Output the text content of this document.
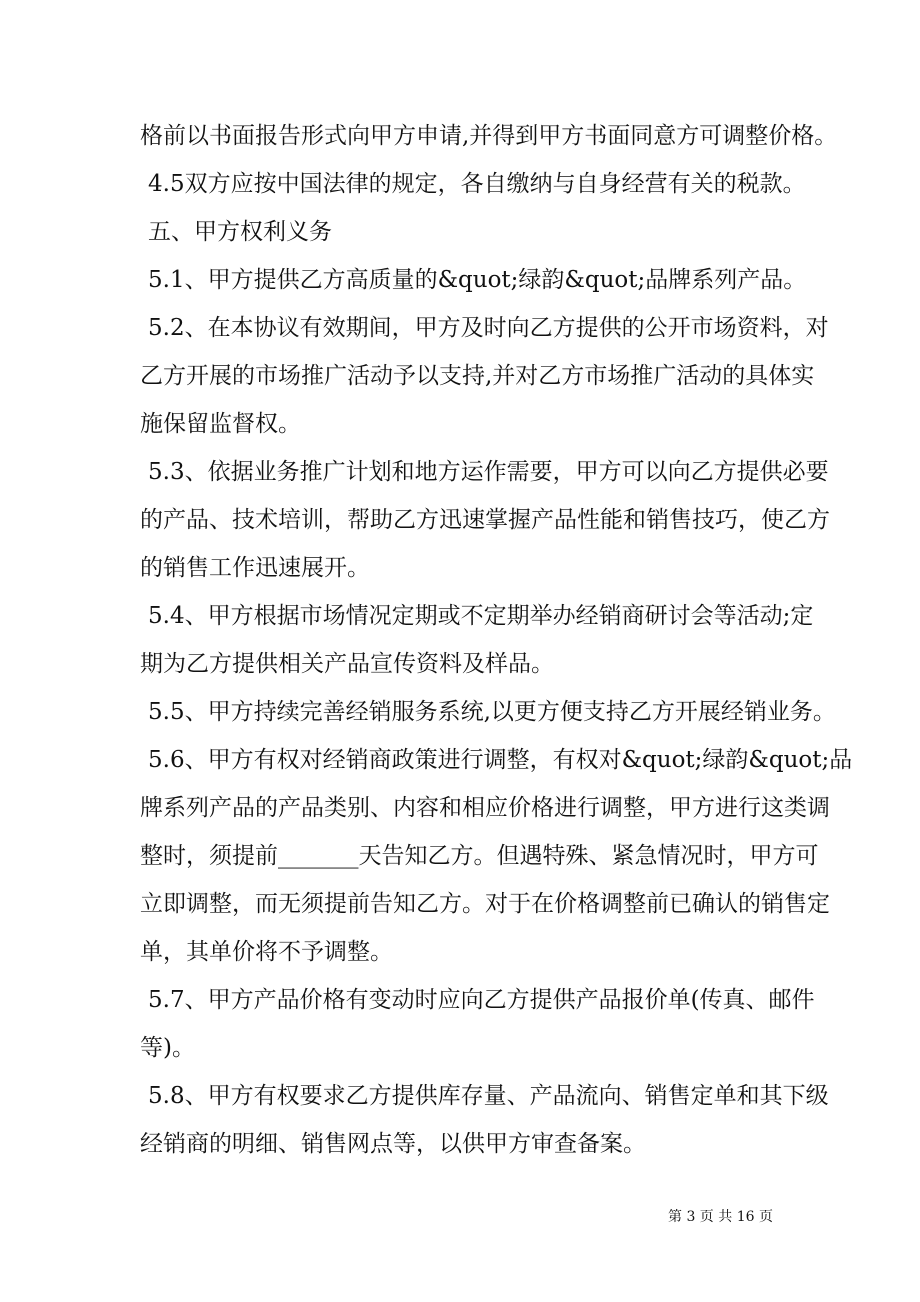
格前以书面报告形式向甲方申请,并得到甲方书面同意方可调整价格。
4.5双方应按中国法律的规定，各自缴纳与自身经营有关的税款。
五、甲方权利义务
5.1、甲方提供乙方高质量的&quot;绿韵&quot;品牌系列产品。
5.2、在本协议有效期间，甲方及时向乙方提供的公开市场资料，对
乙方开展的市场推广活动予以支持,并对乙方市场推广活动的具体实
施保留监督权。
5.3、依据业务推广计划和地方运作需要，甲方可以向乙方提供必要
的产品、技术培训，帮助乙方迅速掌握产品性能和销售技巧，使乙方
的销售工作迅速展开。
5.4、甲方根据市场情况定期或不定期举办经销商研讨会等活动;定
期为乙方提供相关产品宣传资料及样品。
5.5、甲方持续完善经销服务系统,以更方便支持乙方开展经销业务。
5.6、甲方有权对经销商政策进行调整，有权对&quot;绿韵&quot;品
牌系列产品的产品类别、内容和相应价格进行调整，甲方进行这类调
整时，须提前_______天告知乙方。但遇特殊、紧急情况时，甲方可
立即调整，而无须提前告知乙方。对于在价格调整前已确认的销售定
单，其单价将不予调整。
5.7、甲方产品价格有变动时应向乙方提供产品报价单(传真、邮件
等)。
5.8、甲方有权要求乙方提供库存量、产品流向、销售定单和其下级
经销商的明细、销售网点等，以供甲方审查备案。
第 3 页 共 16 页
